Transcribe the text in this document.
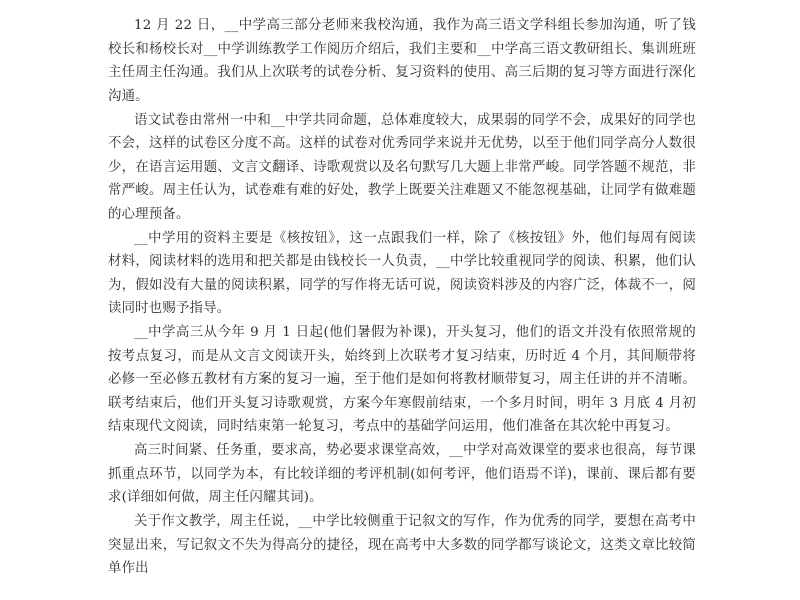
12 月 22 日，__中学高三部分老师来我校沟通，我作为高三语文学科组长参加沟通，听了钱校长和杨校长对__中学训练教学工作阅历介绍后，我们主要和__中学高三语文教研组长、集训班班主任周主任沟通。我们从上次联考的试卷分析、复习资料的使用、高三后期的复习等方面进行深化沟通。

语文试卷由常州一中和__中学共同命题，总体难度较大，成果弱的同学不会，成果好的同学也不会，这样的试卷区分度不高。这样的试卷对优秀同学来说并无优势，以至于他们同学高分人数很少，在语言运用题、文言文翻译、诗歌观赏以及名句默写几大题上非常严峻。同学答题不规范，非常严峻。周主任认为，试卷难有难的好处，教学上既要关注难题又不能忽视基础，让同学有做难题的心理预备。

__中学用的资料主要是《核按钮》，这一点跟我们一样，除了《核按钮》外，他们每周有阅读材料，阅读材料的选用和把关都是由钱校长一人负责，__中学比较重视同学的阅读、积累，他们认为，假如没有大量的阅读积累，同学的写作将无话可说，阅读资料涉及的内容广泛，体裁不一，阅读同时也赐予指导。

__中学高三从今年 9 月 1 日起(他们暑假为补课)，开头复习，他们的语文并没有依照常规的按考点复习，而是从文言文阅读开头，始终到上次联考才复习结束，历时近 4 个月，其间顺带将必修一至必修五教材有方案的复习一遍，至于他们是如何将教材顺带复习，周主任讲的并不清晰。联考结束后，他们开头复习诗歌观赏，方案今年寒假前结束，一个多月时间，明年 3 月底 4 月初结束现代文阅读，同时结束第一轮复习，考点中的基础学问运用，他们准备在其次轮中再复习。

高三时间紧、任务重，要求高，势必要求课堂高效，__中学对高效课堂的要求也很高，每节课抓重点环节，以同学为本，有比较详细的考评机制(如何考评，他们语焉不详)，课前、课后都有要求(详细如何做，周主任闪耀其词)。

关于作文教学，周主任说，__中学比较侧重于记叙文的写作，作为优秀的同学，要想在高考中突显出来，写记叙文不失为得高分的捷径，现在高考中大多数的同学都写谈论文，这类文章比较简单作出
